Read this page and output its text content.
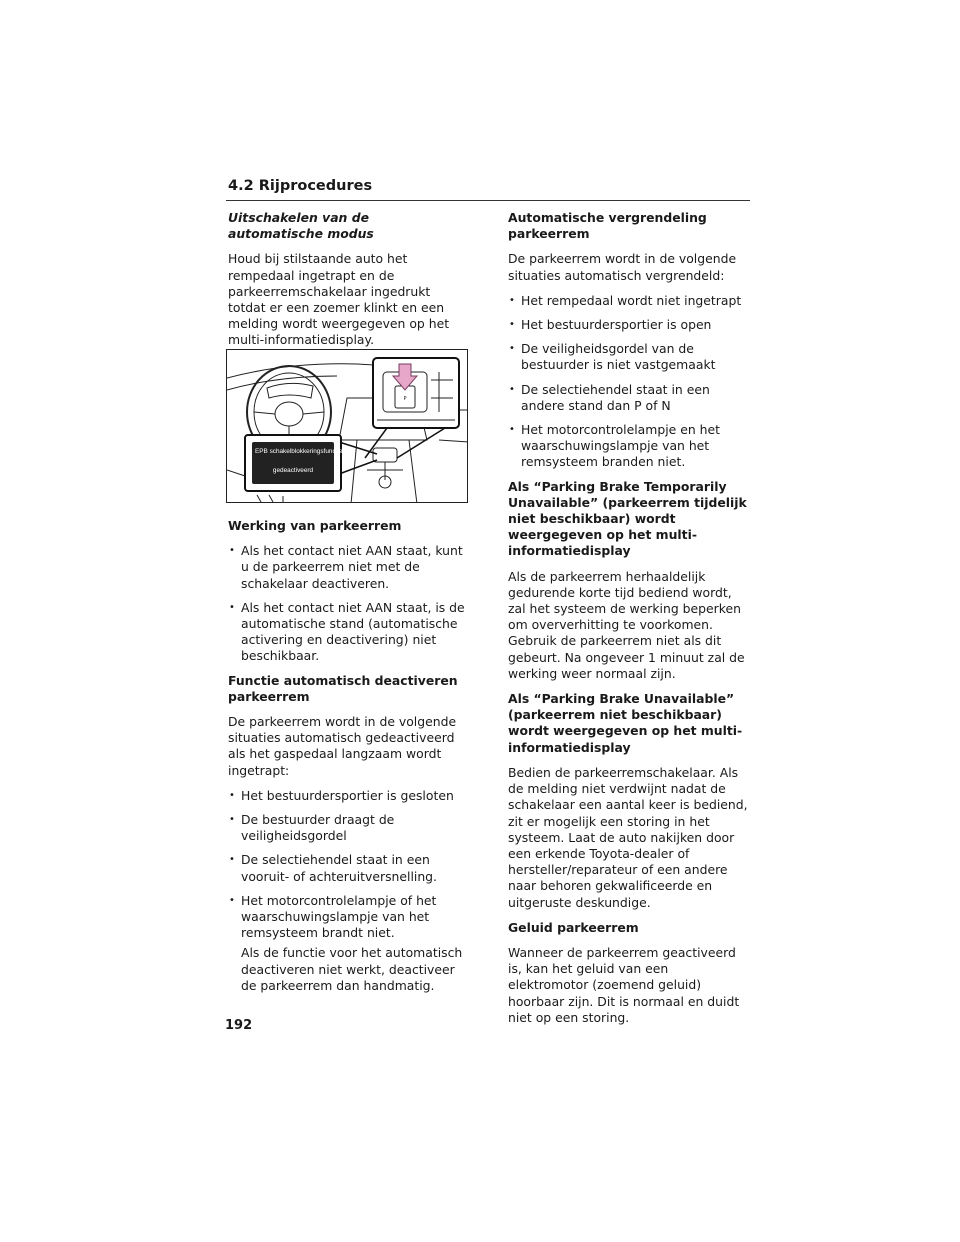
4.2 Rijprocedures
Uitschakelen van de automatische modus

Houd bij stilstaande auto het rempedaal ingetrapt en de parkeerremschakelaar ingedrukt totdat er een zoemer klinkt en een melding wordt weergegeven op het multi-informatiedisplay.

P
EPB schakelblokkeringsfunctie
gedeactiveerd
Werking van parkeerrem
• Als het contact niet AAN staat, kunt u de parkeerrem niet met de schakelaar deactiveren.
• Als het contact niet AAN staat, is de automatische stand (automatische activering en deactivering) niet beschikbaar.
Functie automatisch deactiveren parkeerrem

De parkeerrem wordt in de volgende situaties automatisch gedeactiveerd als het gaspedaal langzaam wordt ingetrapt:

• Het bestuurdersportier is gesloten
• De bestuurder draagt de veiligheidsgordel
• De selectiehendel staat in een vooruit- of achteruitversnelling.
• Het motorcontrolelampje of het waarschuwingslampje van het remsysteem brandt niet.
Als de functie voor het automatisch deactiveren niet werkt, deactiveer de parkeerrem dan handmatig.
Automatische vergrendeling parkeerrem

De parkeerrem wordt in de volgende situaties automatisch vergrendeld:

• Het rempedaal wordt niet ingetrapt
• Het bestuurdersportier is open
• De veiligheidsgordel van de bestuurder is niet vastgemaakt
• De selectiehendel staat in een andere stand dan P of N
• Het motorcontrolelampje en het waarschuwingslampje van het remsysteem branden niet.
Als “Parking Brake Temporarily Unavailable” (parkeerrem tijdelijk niet beschikbaar) wordt weergegeven op het multi-informatiedisplay

Als de parkeerrem herhaaldelijk gedurende korte tijd bediend wordt, zal het systeem de werking beperken om oververhitting te voorkomen. Gebruik de parkeerrem niet als dit gebeurt. Na ongeveer 1 minuut zal de werking weer normaal zijn.

Als “Parking Brake Unavailable” (parkeerrem niet beschikbaar) wordt weergegeven op het multi-informatiedisplay

Bedien de parkeerremschakelaar. Als de melding niet verdwijnt nadat de schakelaar een aantal keer is bediend, zit er mogelijk een storing in het systeem. Laat de auto nakijken door een erkende Toyota-dealer of hersteller/reparateur of een andere naar behoren gekwalificeerde en uitgeruste deskundige.

Geluid parkeerrem

Wanneer de parkeerrem geactiveerd is, kan het geluid van een elektromotor (zoemend geluid) hoorbaar zijn. Dit is normaal en duidt niet op een storing.

192
